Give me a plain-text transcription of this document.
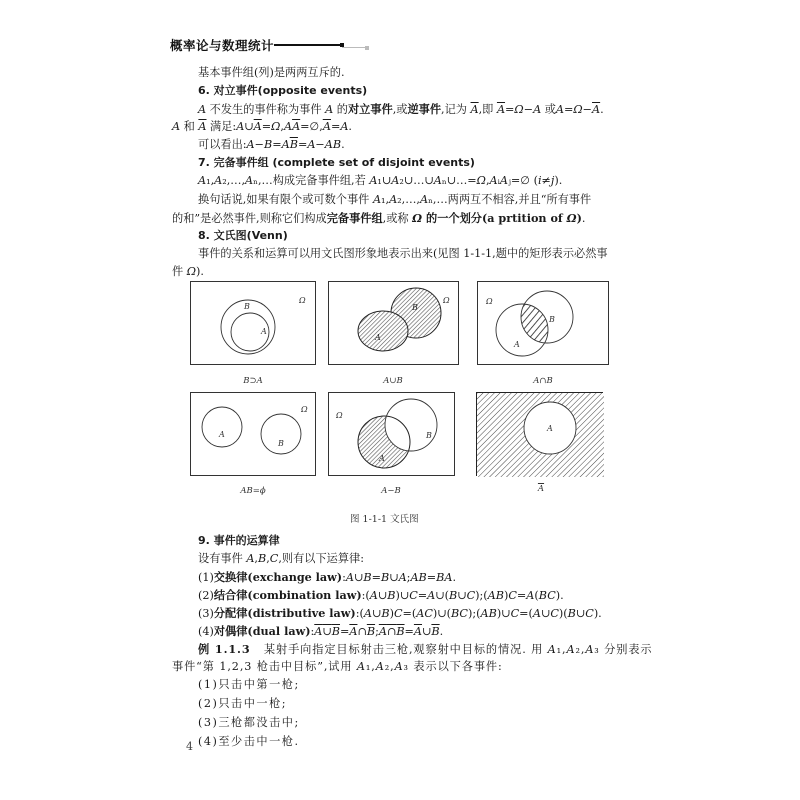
概率论与数理统计
基本事件组(列)是两两互斥的.
6. 对立事件(opposite events)
A 不发生的事件称为事件 A 的对立事件,或逆事件,记为 $\overline{A}$,即 $\overline{A}=\Omega-A$ 或$A=\Omega-\overline{A}$.
A 和 $\overline{A}$ 满足$:A\cup\overline{A}=\Omega,A\overline{A}=\emptyset,A=A$.
可以看出$:A-B=A\overline{B}=A-AB$.
7. 完备事件组 (complete set of disjoint events)
A₁,A₂,…,Aₙ,…构成完备事件组,若 A₁∪A₂∪…∪Aₙ∪…=Ω,AᵢAⱼ=∅ (i≠j).
换句话说,如果有限个或可数个事件 A₁,A₂,…,Aₙ,…两两互不相容,并且“所有事件
的和”是必然事件,则称它们构成完备事件组,或称 Ω 的一个划分(a prtition of Ω).
8. 文氏图(Venn)
事件的关系和运算可以用文氏图形象地表示出来(见图 1-1-1,题中的矩形表示必然事
件 Ω).
B
A
Ω
B⊃A
B
A
Ω
A∪B
B
A
Ω
A∩B
A
B
Ω
AB=ϕ
B
A
Ω
A−B
A
$\overline{A}$
图 1-1-1 文氏图
9. 事件的运算律
设有事件 A,B,C,则有以下运算律:
(1)交换律(exchange law):A∪B=B∪A;AB=BA.
(2)结合律(combination law):(A∪B)∪C=A∪(B∪C);(AB)C=A(BC).
(3)分配律(distributive law):(A∪B)C=(AC)∪(BC);(AB)∪C=(A∪C)(B∪C).
(4)对偶律(dual $law):A\cup B=\overline{A}\cap\overline{B};A\cap B=\overline{A}\cup\overline{B}$.
例 1.1.3   某射手向指定目标射击三枪,观察射中目标的情况. 用 A₁,A₂,A₃ 分别表示
事件“第 1,2,3 枪击中目标”,试用 A₁,A₂,A₃ 表示以下各事件:
(1)只击中第一枪;
(2)只击中一枪;
(3)三枪都没击中;
(4)至少击中一枪.
4
